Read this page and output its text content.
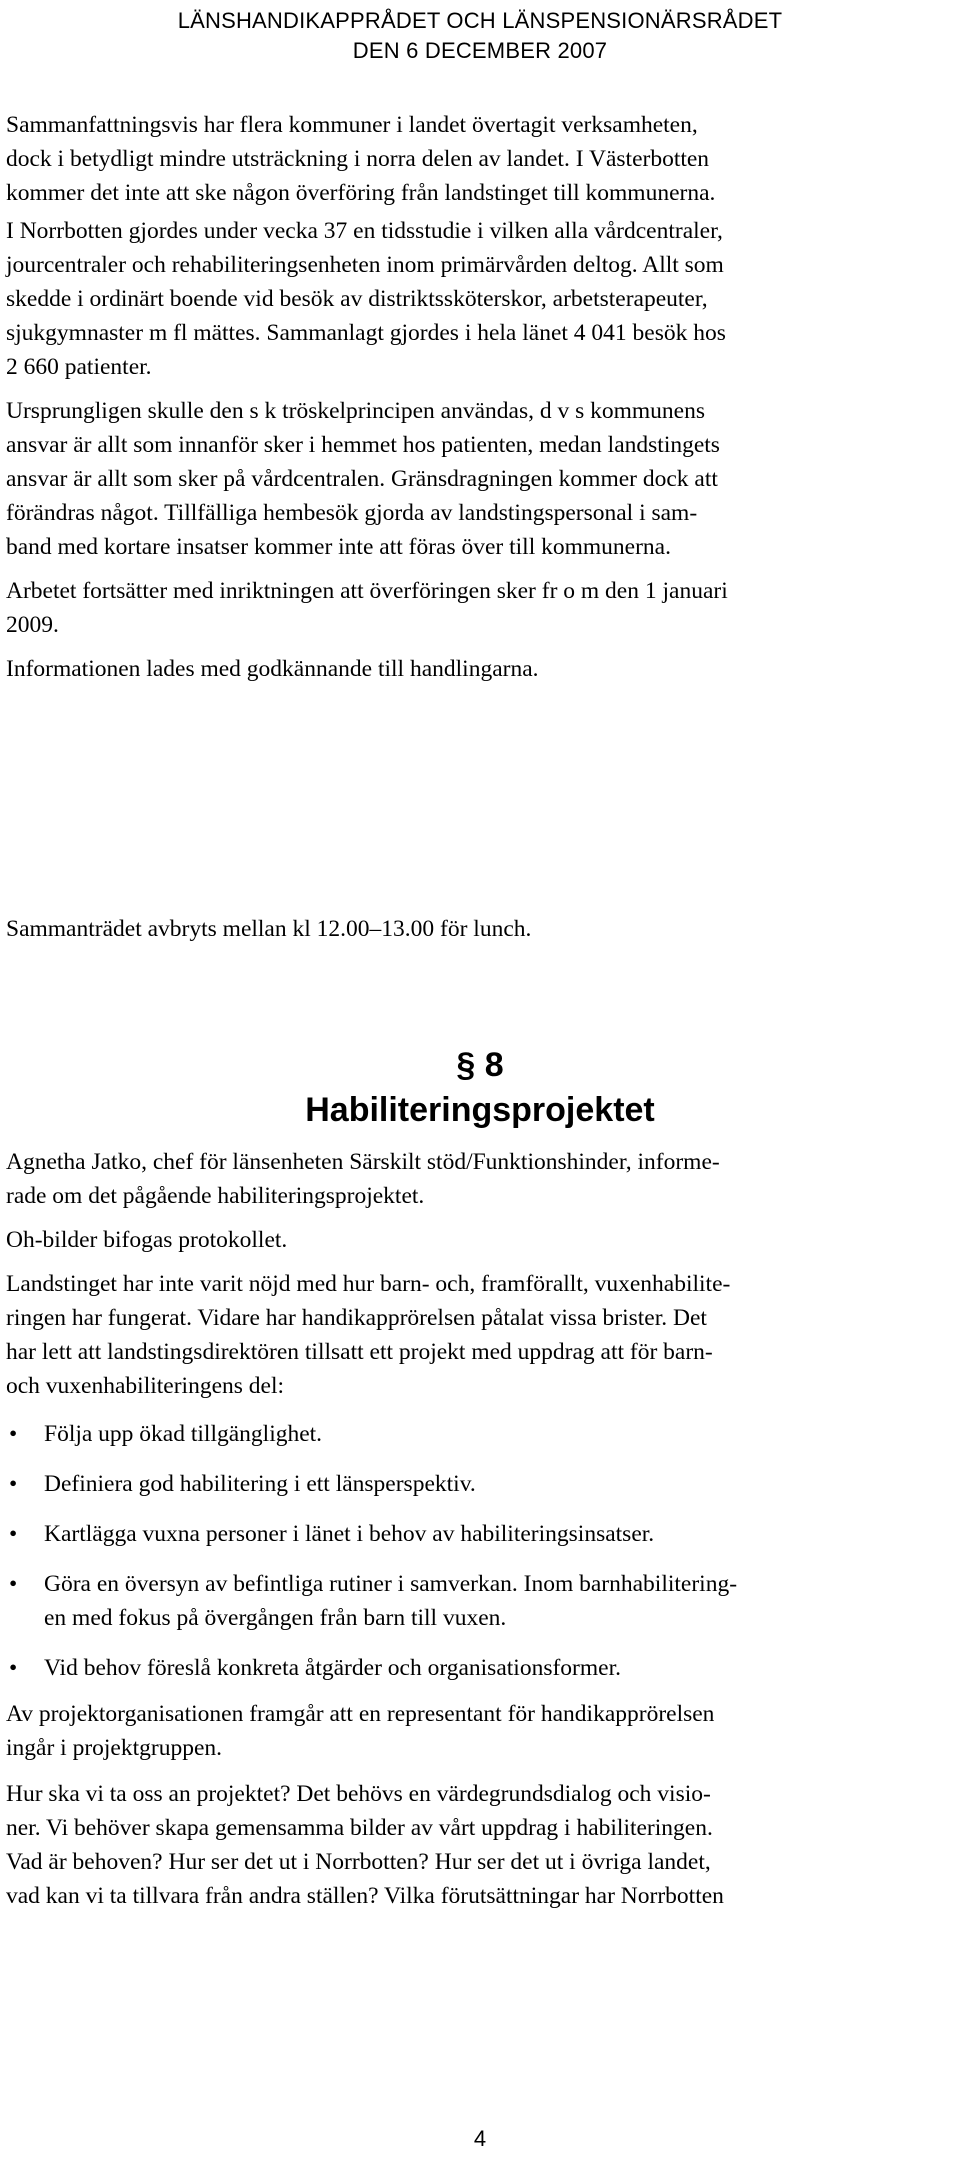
LÄNSHANDIKAPPRÅDET OCH LÄNSPENSIONÄRSRÅDET
DEN 6 DECEMBER 2007

Sammanfattningsvis har flera kommuner i landet övertagit verksamheten,
dock i betydligt mindre utsträckning i norra delen av landet. I Västerbotten
kommer det inte att ske någon överföring från landstinget till kommunerna.

I Norrbotten gjordes under vecka 37 en tidsstudie i vilken alla vårdcentraler,
jourcentraler och rehabiliteringsenheten inom primärvården deltog. Allt som
skedde i ordinärt boende vid besök av distriktssköterskor, arbetsterapeuter,
sjukgymnaster m fl mättes. Sammanlagt gjordes i hela länet 4 041 besök hos
2 660 patienter.

Ursprungligen skulle den s k tröskelprincipen användas, d v s kommunens
ansvar är allt som innanför sker i hemmet hos patienten, medan landstingets
ansvar är allt som sker på vårdcentralen. Gränsdragningen kommer dock att
förändras något. Tillfälliga hembesök gjorda av landstingspersonal i sam-
band med kortare insatser kommer inte att föras över till kommunerna.

Arbetet fortsätter med inriktningen att överföringen sker fr o m den 1 januari
2009.

Informationen lades med godkännande till handlingarna.

Sammanträdet avbryts mellan kl 12.00–13.00 för lunch.

§ 8
Habiliteringsprojektet

Agnetha Jatko, chef för länsenheten Särskilt stöd/Funktionshinder, informe-
rade om det pågående habiliteringsprojektet.

Oh-bilder bifogas protokollet.

Landstinget har inte varit nöjd med hur barn- och, framförallt, vuxenhabilite-
ringen har fungerat. Vidare har handikapprörelsen påtalat vissa brister. Det
har lett att landstingsdirektören tillsatt ett projekt med uppdrag att för barn-
och vuxenhabiliteringens del:

• Följa upp ökad tillgänglighet.
• Definiera god habilitering i ett länsperspektiv.
• Kartlägga vuxna personer i länet i behov av habiliteringsinsatser.
• Göra en översyn av befintliga rutiner i samverkan. Inom barnhabilitering-
en med fokus på övergången från barn till vuxen.
• Vid behov föreslå konkreta åtgärder och organisationsformer.

Av projektorganisationen framgår att en representant för handikapprörelsen
ingår i projektgruppen.

Hur ska vi ta oss an projektet? Det behövs en värdegrundsdialog och visio-
ner. Vi behöver skapa gemensamma bilder av vårt uppdrag i habiliteringen.
Vad är behoven? Hur ser det ut i Norrbotten? Hur ser det ut i övriga landet,
vad kan vi ta tillvara från andra ställen? Vilka förutsättningar har Norrbotten

4
